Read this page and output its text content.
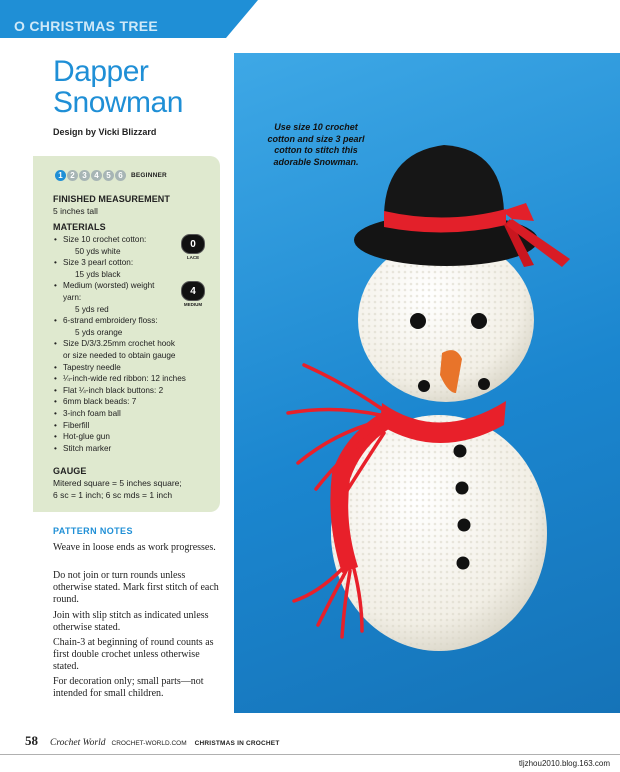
O CHRISTMAS TREE
Dapper
Snowman
Design by Vicki Blizzard
1 2 3 4 5 6	BEGINNER
FINISHED MEASUREMENT
5 inches tall
MATERIALS
• Size 10 crochet cotton:
50 yds white
• Size 3 pearl cotton:
15 yds black
• Medium (worsted) weight
yarn:
5 yds red
• 6-strand embroidery floss:
5 yds orange
• Size D/3/3.25mm crochet hook
or size needed to obtain gauge
• Tapestry needle
• ¼-inch-wide red ribbon: 12 inches
• Flat ¼-inch black buttons: 2
• 6mm black beads: 7
• 3-inch foam ball
• Fiberfill
• Hot-glue gun
• Stitch marker
0
LACE
4
MEDIUM
GAUGE
Mitered square = 5 inches square;
6 sc = 1 inch; 6 sc mds = 1 inch
PATTERN NOTES

Weave in loose ends as work progresses.

Do not join or turn rounds unless otherwise stated. Mark first stitch of each round.

Join with slip stitch as indicated unless otherwise stated.

Chain-3 at beginning of round counts as first double crochet unless otherwise stated.

For decoration only; small parts—not intended for small children.

Use size 10 crochet cotton and size 3 pearl cotton to stitch this adorable Snowman.
58 Crochet World CROCHET-WORLD.COM CHRISTMAS IN CROCHET
tljzhou2010.blog.163.com
